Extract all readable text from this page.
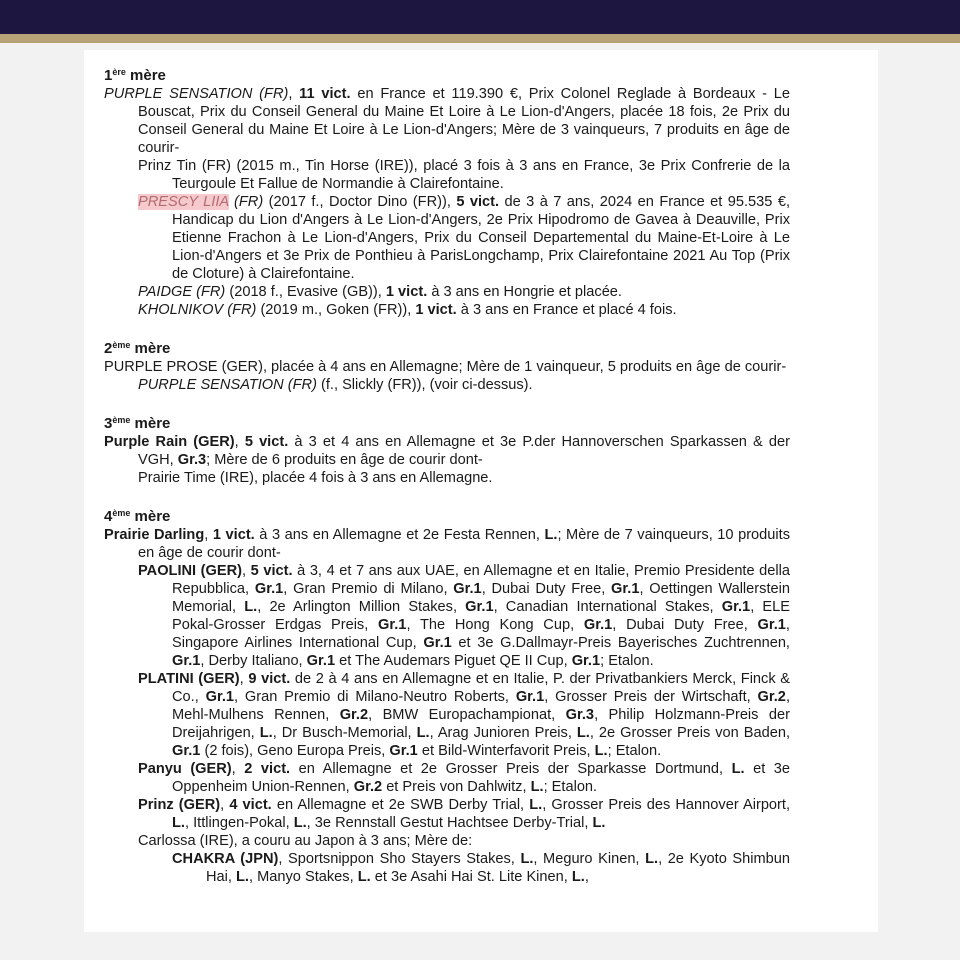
1ère mère

PURPLE SENSATION (FR), 11 vict. en France et 119.390 €, Prix Colonel Reglade à Bordeaux - Le Bouscat, Prix du Conseil General du Maine Et Loire à Le Lion-d'Angers, placée 18 fois, 2e Prix du Conseil General du Maine Et Loire à Le Lion-d'Angers; Mère de 3 vainqueurs, 7 produits en âge de courir-

Prinz Tin (FR) (2015 m., Tin Horse (IRE)), placé 3 fois à 3 ans en France, 3e Prix Confrerie de la Teurgoule Et Fallue de Normandie à Clairefontaine.

PRESCY LIIA (FR) (2017 f., Doctor Dino (FR)), 5 vict. de 3 à 7 ans, 2024 en France et 95.535 €, Handicap du Lion d'Angers à Le Lion-d'Angers, 2e Prix Hipodromo de Gavea à Deauville, Prix Etienne Frachon à Le Lion-d'Angers, Prix du Conseil Departemental du Maine-Et-Loire à Le Lion-d'Angers et 3e Prix de Ponthieu à ParisLongchamp, Prix Clairefontaine 2021 Au Top (Prix de Cloture) à Clairefontaine.

PAIDGE (FR) (2018 f., Evasive (GB)), 1 vict. à 3 ans en Hongrie et placée.

KHOLNIKOV (FR) (2019 m., Goken (FR)), 1 vict. à 3 ans en France et placé 4 fois.

2ème mère

PURPLE PROSE (GER), placée à 4 ans en Allemagne; Mère de 1 vainqueur, 5 produits en âge de courir-

PURPLE SENSATION (FR) (f., Slickly (FR)), (voir ci-dessus).

3ème mère

Purple Rain (GER), 5 vict. à 3 et 4 ans en Allemagne et 3e P.der Hannoverschen Sparkassen & der VGH, Gr.3; Mère de 6 produits en âge de courir dont-

Prairie Time (IRE), placée 4 fois à 3 ans en Allemagne.

4ème mère

Prairie Darling, 1 vict. à 3 ans en Allemagne et 2e Festa Rennen, L.; Mère de 7 vainqueurs, 10 produits en âge de courir dont-

PAOLINI (GER), 5 vict. à 3, 4 et 7 ans aux UAE, en Allemagne et en Italie, Premio Presidente della Repubblica, Gr.1, Gran Premio di Milano, Gr.1, Dubai Duty Free, Gr.1, Oettingen Wallerstein Memorial, L., 2e Arlington Million Stakes, Gr.1, Canadian International Stakes, Gr.1, ELE Pokal-Grosser Erdgas Preis, Gr.1, The Hong Kong Cup, Gr.1, Dubai Duty Free, Gr.1, Singapore Airlines International Cup, Gr.1 et 3e G.Dallmayr-Preis Bayerisches Zuchtrennen, Gr.1, Derby Italiano, Gr.1 et The Audemars Piguet QE II Cup, Gr.1; Etalon.

PLATINI (GER), 9 vict. de 2 à 4 ans en Allemagne et en Italie, P. der Privatbankiers Merck, Finck & Co., Gr.1, Gran Premio di Milano-Neutro Roberts, Gr.1, Grosser Preis der Wirtschaft, Gr.2, Mehl-Mulhens Rennen, Gr.2, BMW Europachampionat, Gr.3, Philip Holzmann-Preis der Dreijahrigen, L., Dr Busch-Memorial, L., Arag Junioren Preis, L., 2e Grosser Preis von Baden, Gr.1 (2 fois), Geno Europa Preis, Gr.1 et Bild-Winterfavorit Preis, L.; Etalon.

Panyu (GER), 2 vict. en Allemagne et 2e Grosser Preis der Sparkasse Dortmund, L. et 3e Oppenheim Union-Rennen, Gr.2 et Preis von Dahlwitz, L.; Etalon.

Prinz (GER), 4 vict. en Allemagne et 2e SWB Derby Trial, L., Grosser Preis des Hannover Airport, L., Ittlingen-Pokal, L., 3e Rennstall Gestut Hachtsee Derby-Trial, L.

Carlossa (IRE), a couru au Japon à 3 ans; Mère de:

CHAKRA (JPN), Sportsnippon Sho Stayers Stakes, L., Meguro Kinen, L., 2e Kyoto Shimbun Hai, L., Manyo Stakes, L. et 3e Asahi Hai St. Lite Kinen, L.,
